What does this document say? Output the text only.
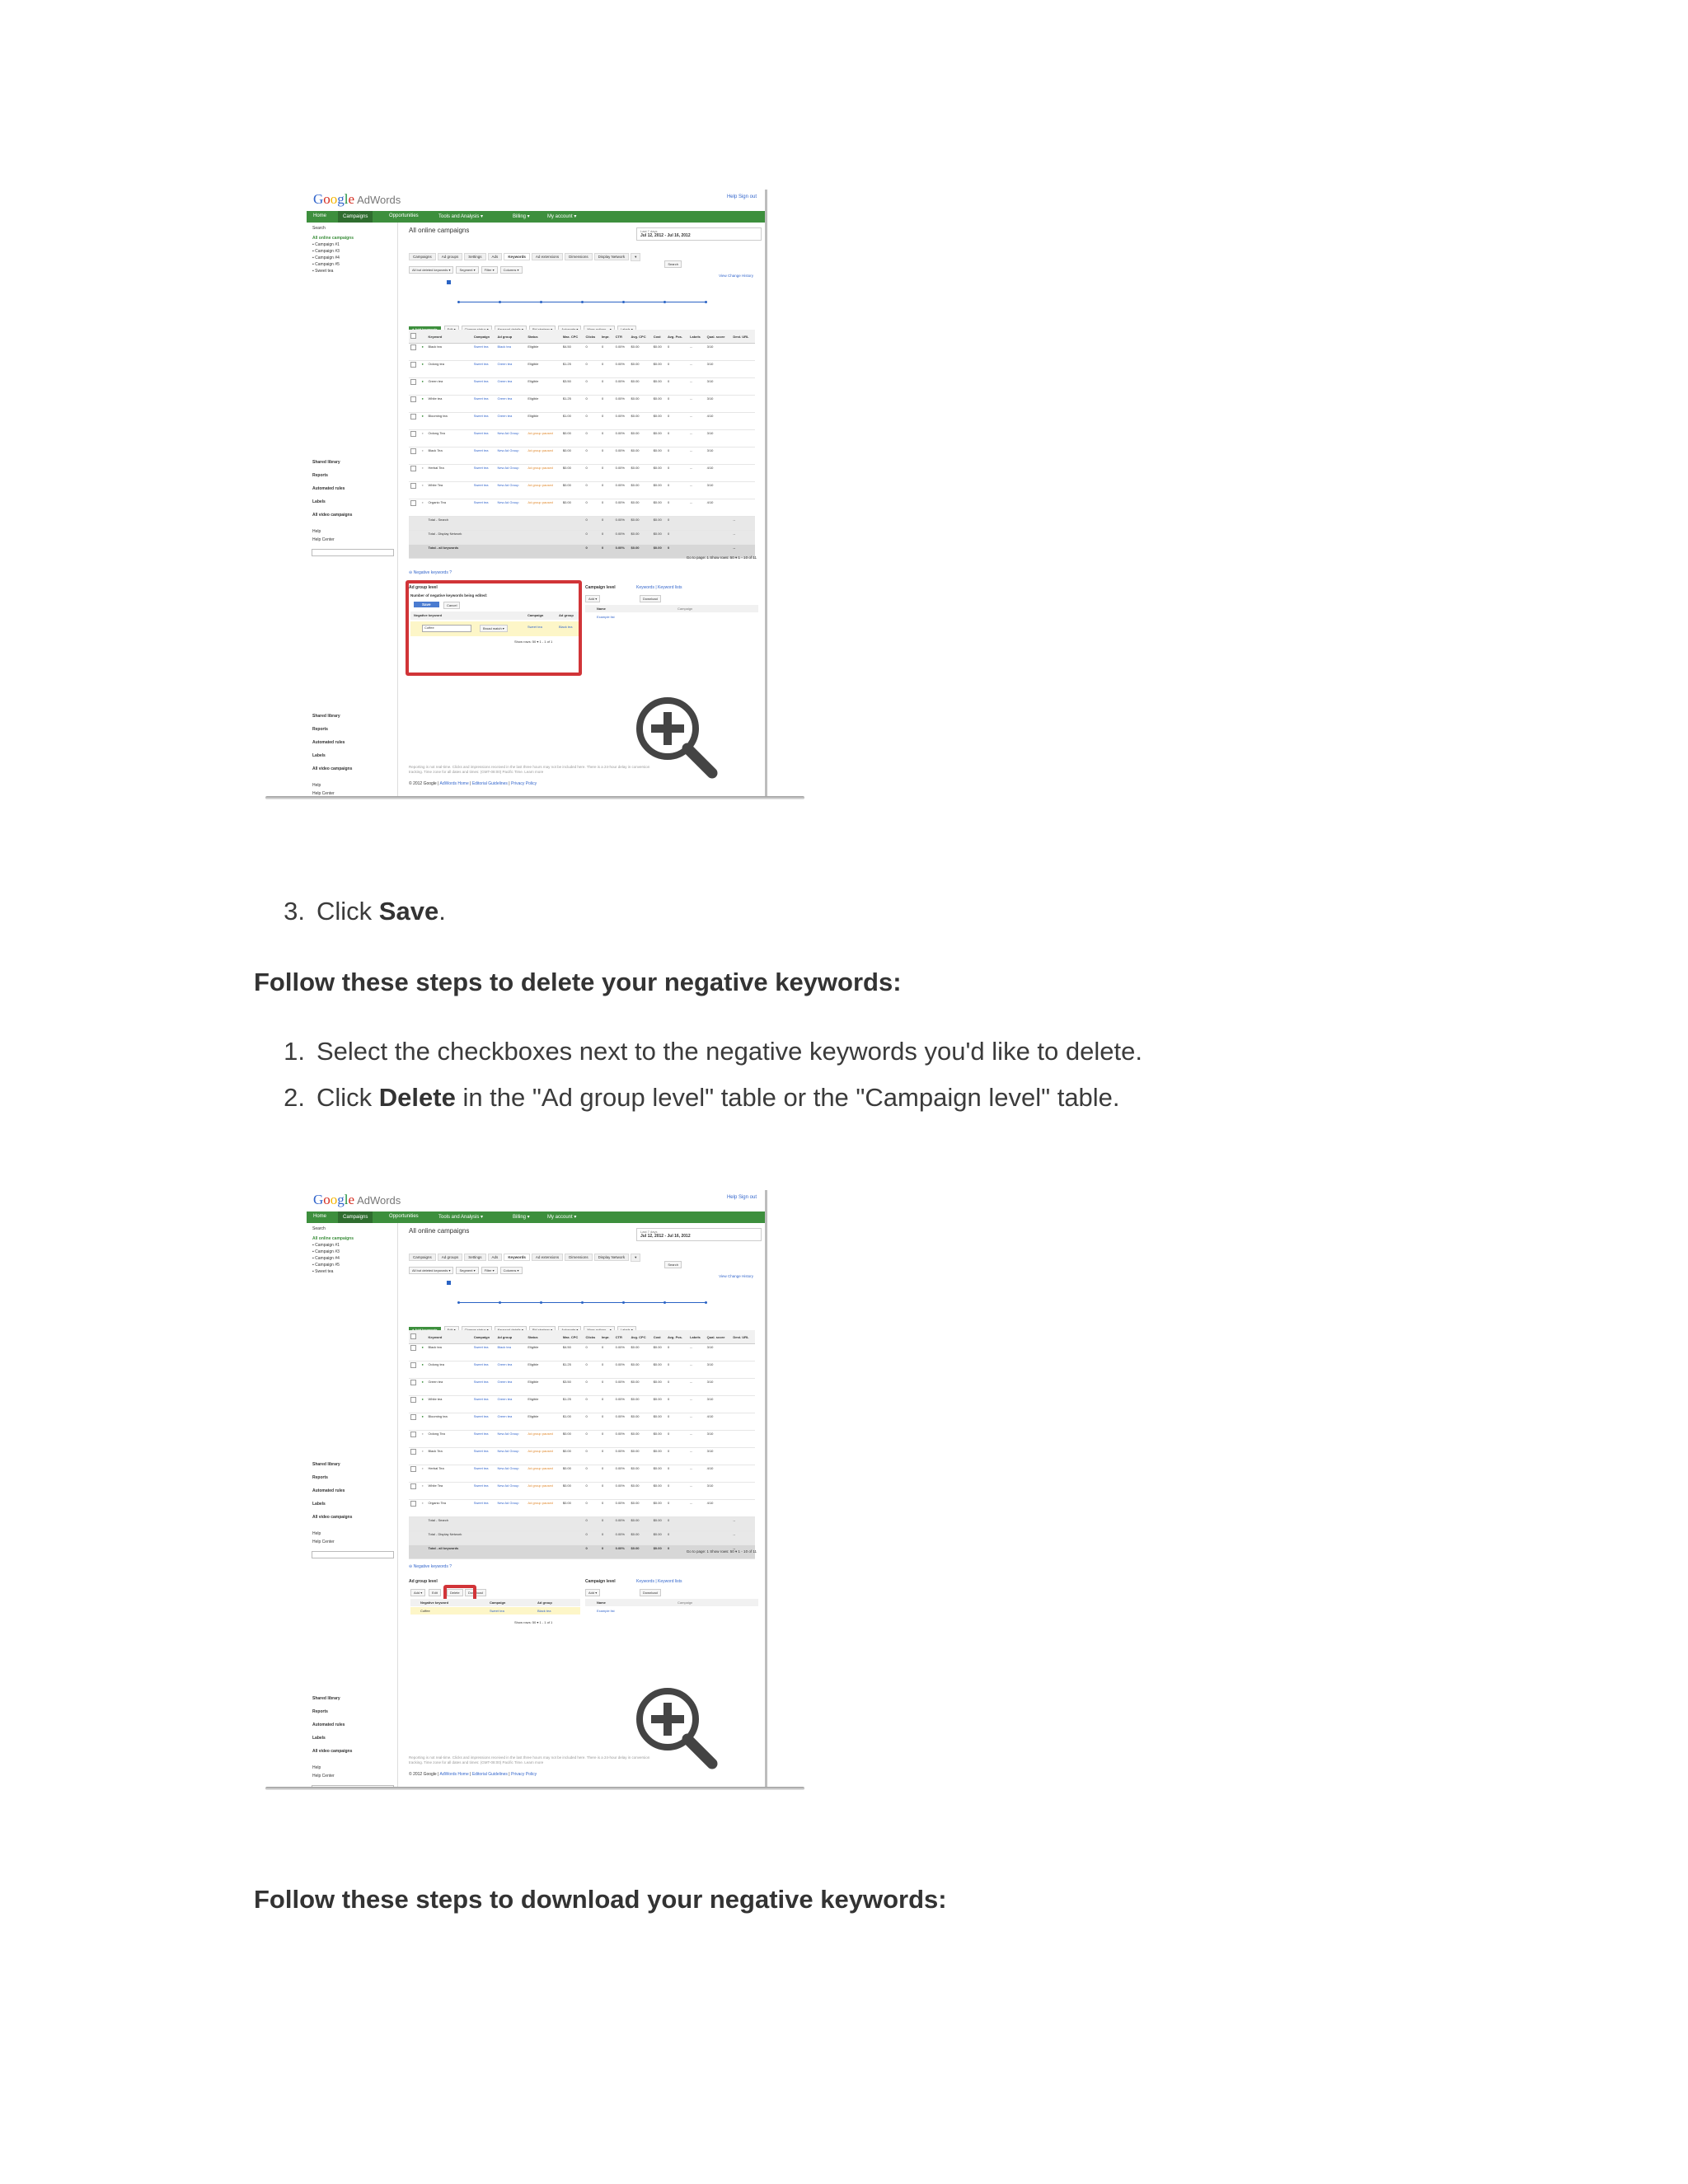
Google AdWords	Help Sign out
Home	Campaigns	Opportunities	Tools and Analysis ▾	Billing ▾	My account ▾
Search
All online campaigns
▪ Campaign #1
▪ Campaign #3
▪ Campaign #4
▪ Campaign #5
▪ Sweet tea
Shared library
Reports
Automated rules
Labels
All video campaigns
Help
Help Center
Shared library
Reports
Automated rules
Labels
All video campaigns
Help
Help Center
All online campaigns	Last 7 days
Jul 12, 2012 - Jul 16, 2012
Campaigns	Ad groups	Settings	Ads	Keywords	Ad extensions	Dimensions	Display Network	▾
All but deleted keywords ▾	Segment ▾	Filter ▾	Columns ▾
Search
View Change History
		Keyword	Campaign	Ad group	Status	Max. CPC	Clicks	Impr.	CTR	Avg. CPC	Cost	Avg. Pos.	Labels	Qual. score	Dest. URL
	●	Black tea	Sweet tea	Black tea	Eligible	$4.50	0	0	0.00%	$0.00	$0.00	0	--	3/10	
	●	Oolong tea	Sweet tea	Green tea	Eligible	$1.25	0	0	0.00%	$0.00	$0.00	0	--	3/10	
	●	Green tea	Sweet tea	Green tea	Eligible	$3.50	0	0	0.00%	$0.00	$0.00	0	--	3/10	
	●	White tea	Sweet tea	Green tea	Eligible	$1.25	0	0	0.00%	$0.00	$0.00	0	--	3/10	
	●	Blooming tea	Sweet tea	Green tea	Eligible	$1.00	0	0	0.00%	$0.00	$0.00	0	--	4/10	
	●	Oolong Tea	Sweet tea	New Ad Group	Ad group paused	$0.00	0	0	0.00%	$0.00	$0.00	0	--	3/10	
	●	Black Tea	Sweet tea	New Ad Group	Ad group paused	$0.00	0	0	0.00%	$0.00	$0.00	0	--	3/10	
	●	Herbal Tea	Sweet tea	New Ad Group	Ad group paused	$0.00	0	0	0.00%	$0.00	$0.00	0	--	4/10	
	●	White Tea	Sweet tea	New Ad Group	Ad group paused	$0.00	0	0	0.00%	$0.00	$0.00	0	--	3/10	
	●	Organic Tea	Sweet tea	New Ad Group	Ad group paused	$0.00	0	0	0.00%	$0.00	$0.00	0	--	4/10	
		Total - Search					0	0	0.00%	$0.00	$0.00	0			--
		Total - Display Network					0	0	0.00%	$0.00	$0.00	0			--
		Total - all keywords					0	0	0.00%	$0.00	$0.00	0			--
Go to page: 1 Show rows: 50 ▾ 1 - 10 of 11
⊖ Negative keywords ?
Ad group level	Campaign level	Keywords | Keyword lists
Number of negative keywords being edited:
Save	Cancel
Negative keyword	Campaign	Ad group
Coffee	Broad match ▾	Sweet tea	Black tea
Show rows: 50 ▾ 1 - 1 of 1
Add ▾	Download
Name	Campaign
Example list
Reporting is not real-time. Clicks and impressions received in the last three hours may not be included here. There is a 24-hour delay in conversion tracking. Time zone for all dates and times: (GMT-08:00) Pacific Time. Learn more
© 2012 Google | AdWords Home | Editorial Guidelines | Privacy Policy
Google AdWords	Help Sign out
Home	Campaigns	Opportunities	Tools and Analysis ▾	Billing ▾	My account ▾
Search
All online campaigns
▪ Campaign #1
▪ Campaign #3
▪ Campaign #4
▪ Campaign #5
▪ Sweet tea
Shared library
Reports
Automated rules
Labels
All video campaigns
Help
Help Center
Shared library
Reports
Automated rules
Labels
All video campaigns
Help
Help Center
All online campaigns	Last 7 days
Jul 12, 2012 - Jul 16, 2012
Campaigns	Ad groups	Settings	Ads	Keywords	Ad extensions	Dimensions	Display Network	▾
All but deleted keywords ▾	Segment ▾	Filter ▾	Columns ▾
Search
View Change History
		Keyword	Campaign	Ad group	Status	Max. CPC	Clicks	Impr.	CTR	Avg. CPC	Cost	Avg. Pos.	Labels	Qual. score	Dest. URL
	●	Black tea	Sweet tea	Black tea	Eligible	$4.50	0	0	0.00%	$0.00	$0.00	0	--	3/10	
	●	Oolong tea	Sweet tea	Green tea	Eligible	$1.25	0	0	0.00%	$0.00	$0.00	0	--	3/10	
	●	Green tea	Sweet tea	Green tea	Eligible	$3.50	0	0	0.00%	$0.00	$0.00	0	--	3/10	
	●	White tea	Sweet tea	Green tea	Eligible	$1.25	0	0	0.00%	$0.00	$0.00	0	--	3/10	
	●	Blooming tea	Sweet tea	Green tea	Eligible	$1.00	0	0	0.00%	$0.00	$0.00	0	--	4/10	
	●	Oolong Tea	Sweet tea	New Ad Group	Ad group paused	$0.00	0	0	0.00%	$0.00	$0.00	0	--	3/10	
	●	Black Tea	Sweet tea	New Ad Group	Ad group paused	$0.00	0	0	0.00%	$0.00	$0.00	0	--	3/10	
	●	Herbal Tea	Sweet tea	New Ad Group	Ad group paused	$0.00	0	0	0.00%	$0.00	$0.00	0	--	4/10	
	●	White Tea	Sweet tea	New Ad Group	Ad group paused	$0.00	0	0	0.00%	$0.00	$0.00	0	--	3/10	
	●	Organic Tea	Sweet tea	New Ad Group	Ad group paused	$0.00	0	0	0.00%	$0.00	$0.00	0	--	4/10	
		Total - Search					0	0	0.00%	$0.00	$0.00	0			--
		Total - Display Network					0	0	0.00%	$0.00	$0.00	0			--
		Total - all keywords					0	0	0.00%	$0.00	$0.00	0			--
Go to page: 1 Show rows: 50 ▾ 1 - 10 of 11
⊖ Negative keywords ?
Ad group level	Campaign level	Keywords | Keyword lists
Add ▾	Edit	Delete	Download
Negative keyword	Campaign	Ad group
Coffee	Sweet tea	Black tea
Show rows: 50 ▾ 1 - 1 of 1
Add ▾	Download
Name	Campaign
Example list
Reporting is not real-time. Clicks and impressions received in the last three hours may not be included here. There is a 24-hour delay in conversion tracking. Time zone for all dates and times: (GMT-08:00) Pacific Time. Learn more
© 2012 Google | AdWords Home | Editorial Guidelines | Privacy Policy
3. Click Save.
Follow these steps to delete your negative keywords:
1. Select the checkboxes next to the negative keywords you'd like to delete.
2. Click Delete in the "Ad group level" table or the "Campaign level" table.
Follow these steps to download your negative keywords:
